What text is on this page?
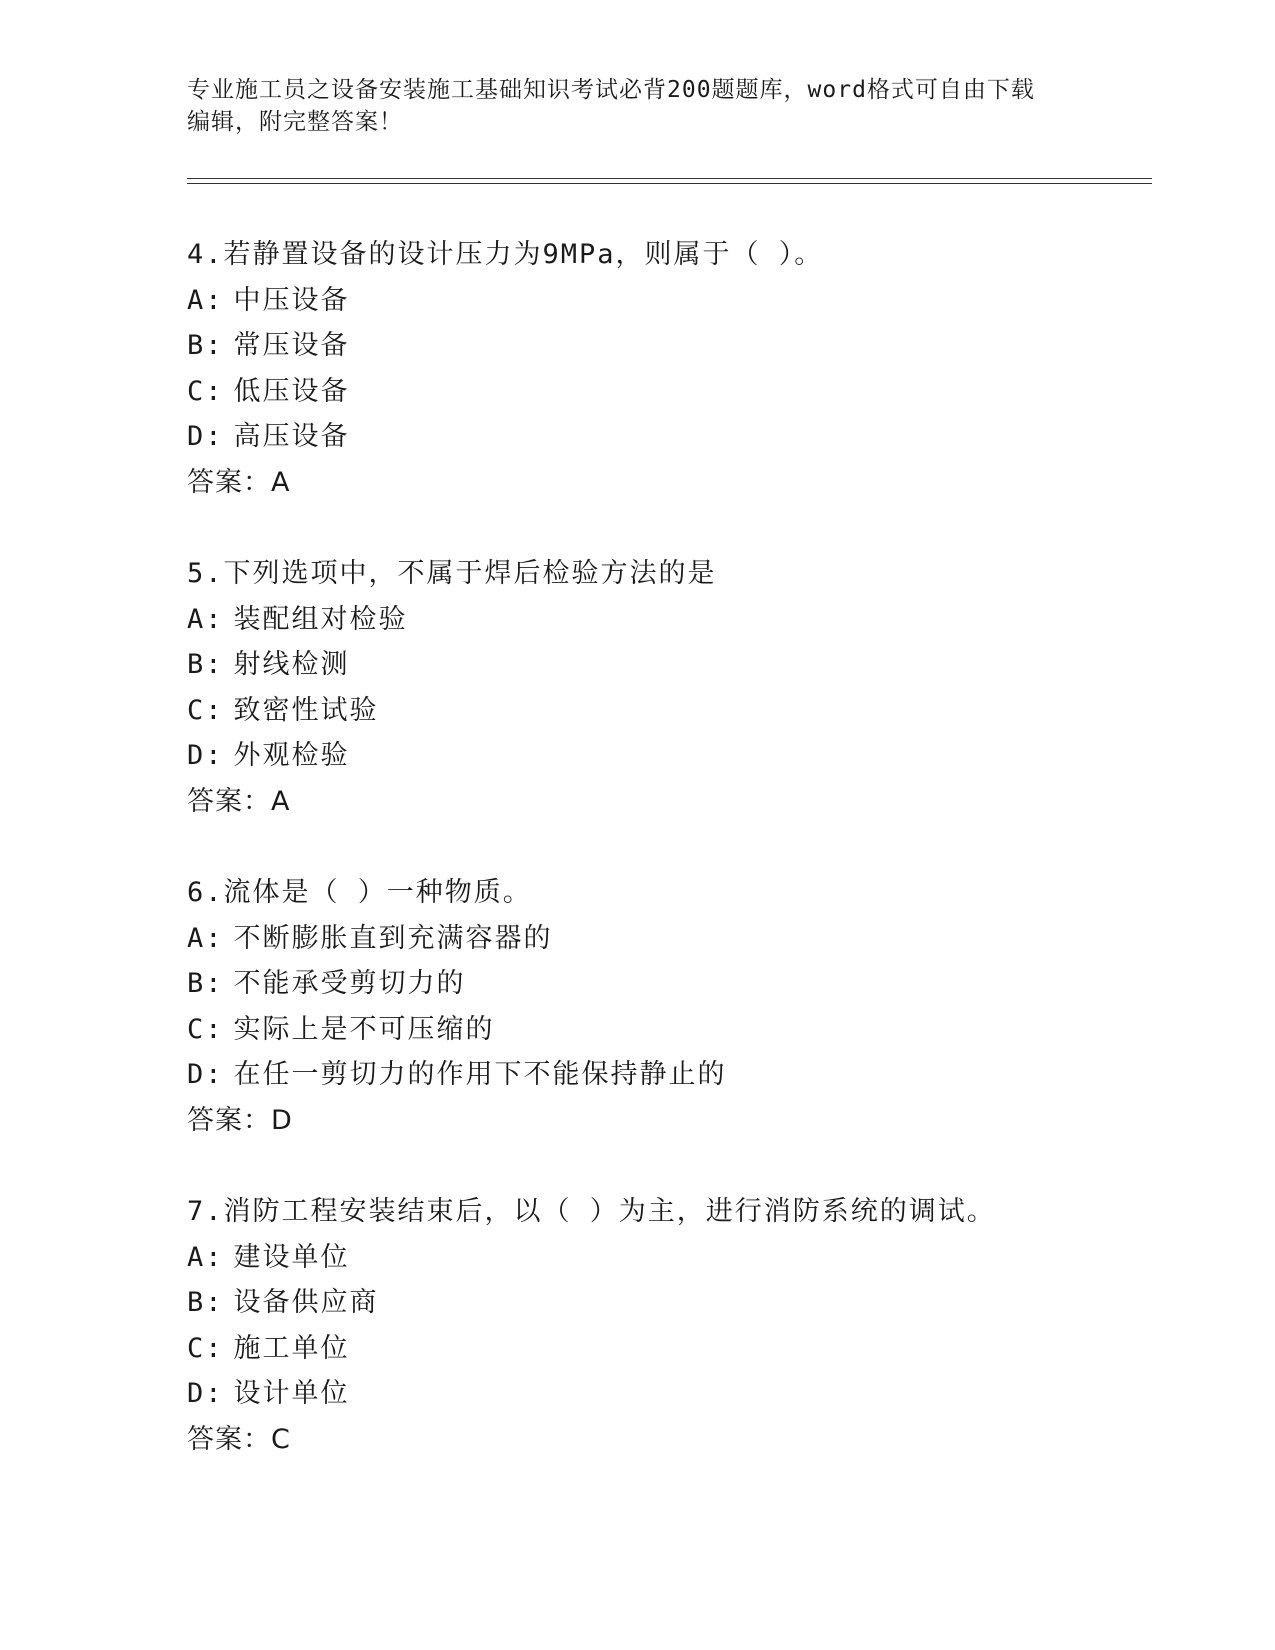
专业施工员之设备安装施工基础知识考试必背200题题库，word格式可自由下载
编辑，附完整答案！
4.若静置设备的设计压力为9MPa，则属于（ ）。
A: 中压设备
B: 常压设备
C: 低压设备
D: 高压设备
答案：A
5.下列选项中，不属于焊后检验方法的是
A: 装配组对检验
B: 射线检测
C: 致密性试验
D: 外观检验
答案：A
6.流体是（ ）一种物质。
A: 不断膨胀直到充满容器的
B: 不能承受剪切力的
C: 实际上是不可压缩的
D: 在任一剪切力的作用下不能保持静止的
答案：D
7.消防工程安装结束后，以（ ）为主，进行消防系统的调试。
A: 建设单位
B: 设备供应商
C: 施工单位
D: 设计单位
答案：C
